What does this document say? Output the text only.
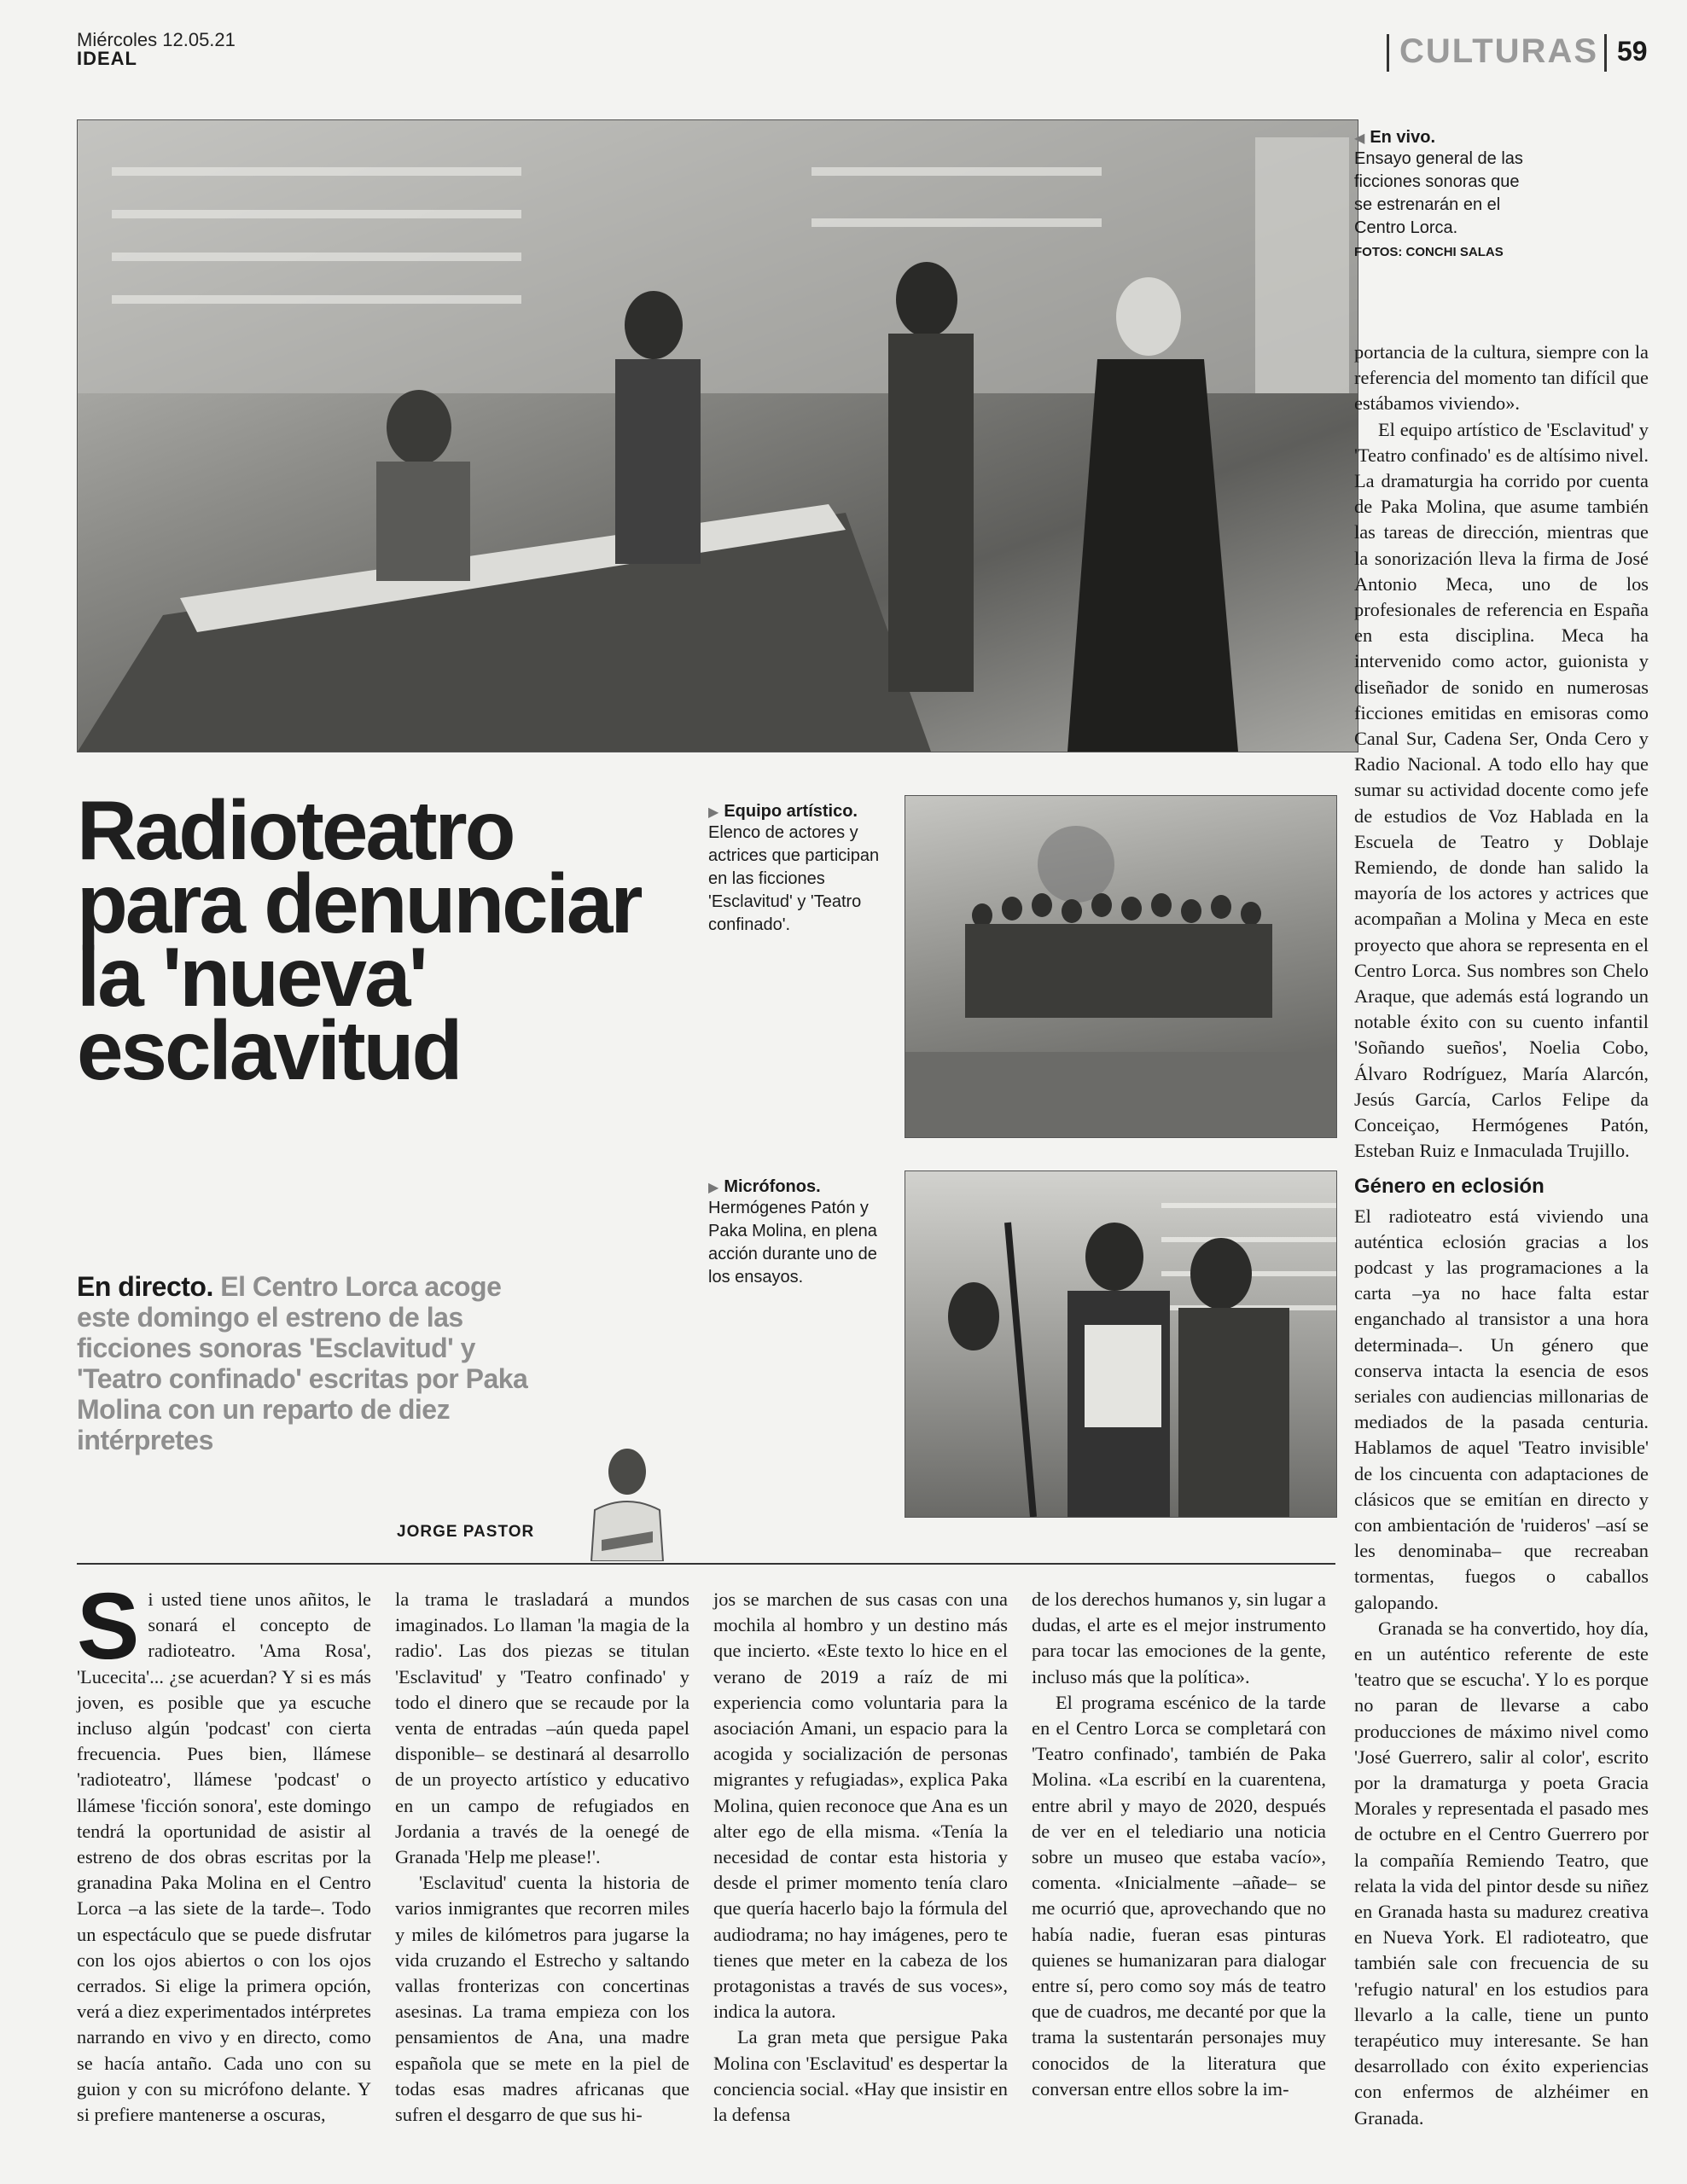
Miércoles 12.05.21
IDEAL	CULTURAS 59
◀ En vivo.
Ensayo general de las ficciones sonoras que se estrenarán en el Centro Lorca.
FOTOS: CONCHI SALAS
Radioteatro
para denunciar
la 'nueva'
esclavitud
▶ Equipo artístico.
Elenco de actores y actrices que participan en las ficciones 'Esclavitud' y 'Teatro confinado'.
▶ Micrófonos.
Hermógenes Patón y Paka Molina, en plena acción durante uno de los ensayos.
En directo. El Centro Lorca acoge este domingo el estreno de las ficciones sonoras 'Esclavitud' y 'Teatro confinado' escritas por Paka Molina con un reparto de diez intérpretes
JORGE PASTOR

Si usted tiene unos añitos, le sonará el concepto de radioteatro. 'Ama Rosa', 'Lucecita'... ¿se acuerdan? Y si es más joven, es posible que ya escuche incluso algún 'podcast' con cierta frecuencia. Pues bien, llámese 'radioteatro', llámese 'podcast' o llámese 'ficción sonora', este domingo tendrá la oportunidad de asistir al estreno de dos obras escritas por la granadina Paka Molina en el Centro Lorca –a las siete de la tarde–. Todo un espectáculo que se puede disfrutar con los ojos abiertos o con los ojos cerrados. Si elige la primera opción, verá a diez experimentados intérpretes narrando en vivo y en directo, como se hacía antaño. Cada uno con su guion y con su micrófono delante. Y si prefiere mantenerse a oscuras,

la trama le trasladará a mundos imaginados. Lo llaman 'la magia de la radio'. Las dos piezas se titulan 'Esclavitud' y 'Teatro confinado' y todo el dinero que se recaude por la venta de entradas –aún queda papel disponible– se destinará al desarrollo de un proyecto artístico y educativo en un campo de refugiados en Jordania a través de la oenegé de Granada 'Help me please!'.

'Esclavitud' cuenta la historia de varios inmigrantes que recorren miles y miles de kilómetros para jugarse la vida cruzando el Estrecho y saltando vallas fronterizas con concertinas asesinas. La trama empieza con los pensamientos de Ana, una madre española que se mete en la piel de todas esas madres africanas que sufren el desgarro de que sus hi-

jos se marchen de sus casas con una mochila al hombro y un destino más que incierto. «Este texto lo hice en el verano de 2019 a raíz de mi experiencia como voluntaria para la asociación Amani, un espacio para la acogida y socialización de personas migrantes y refugiadas», explica Paka Molina, quien reconoce que Ana es un alter ego de ella misma. «Tenía la necesidad de contar esta historia y desde el primer momento tenía claro que quería hacerlo bajo la fórmula del audiodrama; no hay imágenes, pero te tienes que meter en la cabeza de los protagonistas a través de sus voces», indica la autora.

La gran meta que persigue Paka Molina con 'Esclavitud' es despertar la conciencia social. «Hay que insistir en la defensa

de los derechos humanos y, sin lugar a dudas, el arte es el mejor instrumento para tocar las emociones de la gente, incluso más que la política».

El programa escénico de la tarde en el Centro Lorca se completará con 'Teatro confinado', también de Paka Molina. «La escribí en la cuarentena, entre abril y mayo de 2020, después de ver en el telediario una noticia sobre un museo que estaba vacío», comenta. «Inicialmente –añade– se me ocurrió que, aprovechando que no había nadie, fueran esas pinturas quienes se humanizaran para dialogar entre sí, pero como soy más de teatro que de cuadros, me decanté por que la trama la sustentarán personajes muy conocidos de la literatura que conversan entre ellos sobre la im-

portancia de la cultura, siempre con la referencia del momento tan difícil que estábamos viviendo».

El equipo artístico de 'Esclavitud' y 'Teatro confinado' es de altísimo nivel. La dramaturgia ha corrido por cuenta de Paka Molina, que asume también las tareas de dirección, mientras que la sonorización lleva la firma de José Antonio Meca, uno de los profesionales de referencia en España en esta disciplina. Meca ha intervenido como actor, guionista y diseñador de sonido en numerosas ficciones emitidas en emisoras como Canal Sur, Cadena Ser, Onda Cero y Radio Nacional. A todo ello hay que sumar su actividad docente como jefe de estudios de Voz Hablada en la Escuela de Teatro y Doblaje Remiendo, de donde han salido la mayoría de los actores y actrices que acompañan a Molina y Meca en este proyecto que ahora se representa en el Centro Lorca. Sus nombres son Chelo Araque, que además está logrando un notable éxito con su cuento infantil 'Soñando sueños', Noelia Cobo, Álvaro Rodríguez, María Alarcón, Jesús García, Carlos Felipe da Conceiçao, Hermógenes Patón, Esteban Ruiz e Inmaculada Trujillo.

Género en eclosión

El radioteatro está viviendo una auténtica eclosión gracias a los podcast y las programaciones a la carta –ya no hace falta estar enganchado al transistor a una hora determinada–. Un género que conserva intacta la esencia de esos seriales con audiencias millonarias de mediados de la pasada centuria. Hablamos de aquel 'Teatro invisible' de los cincuenta con adaptaciones de clásicos que se emitían en directo y con ambientación de 'ruideros' –así se les denominaba– que recreaban tormentas, fuegos o caballos galopando.

Granada se ha convertido, hoy día, en un auténtico referente de este 'teatro que se escucha'. Y lo es porque no paran de llevarse a cabo producciones de máximo nivel como 'José Guerrero, salir al color', escrito por la dramaturga y poeta Gracia Morales y representada el pasado mes de octubre en el Centro Guerrero por la compañía Remiendo Teatro, que relata la vida del pintor desde su niñez en Granada hasta su madurez creativa en Nueva York. El radioteatro, que también sale con frecuencia de su 'refugio natural' en los estudios para llevarlo a la calle, tiene un punto terapéutico muy interesante. Se han desarrollado con éxito experiencias con enfermos de alzhéimer en Granada.
